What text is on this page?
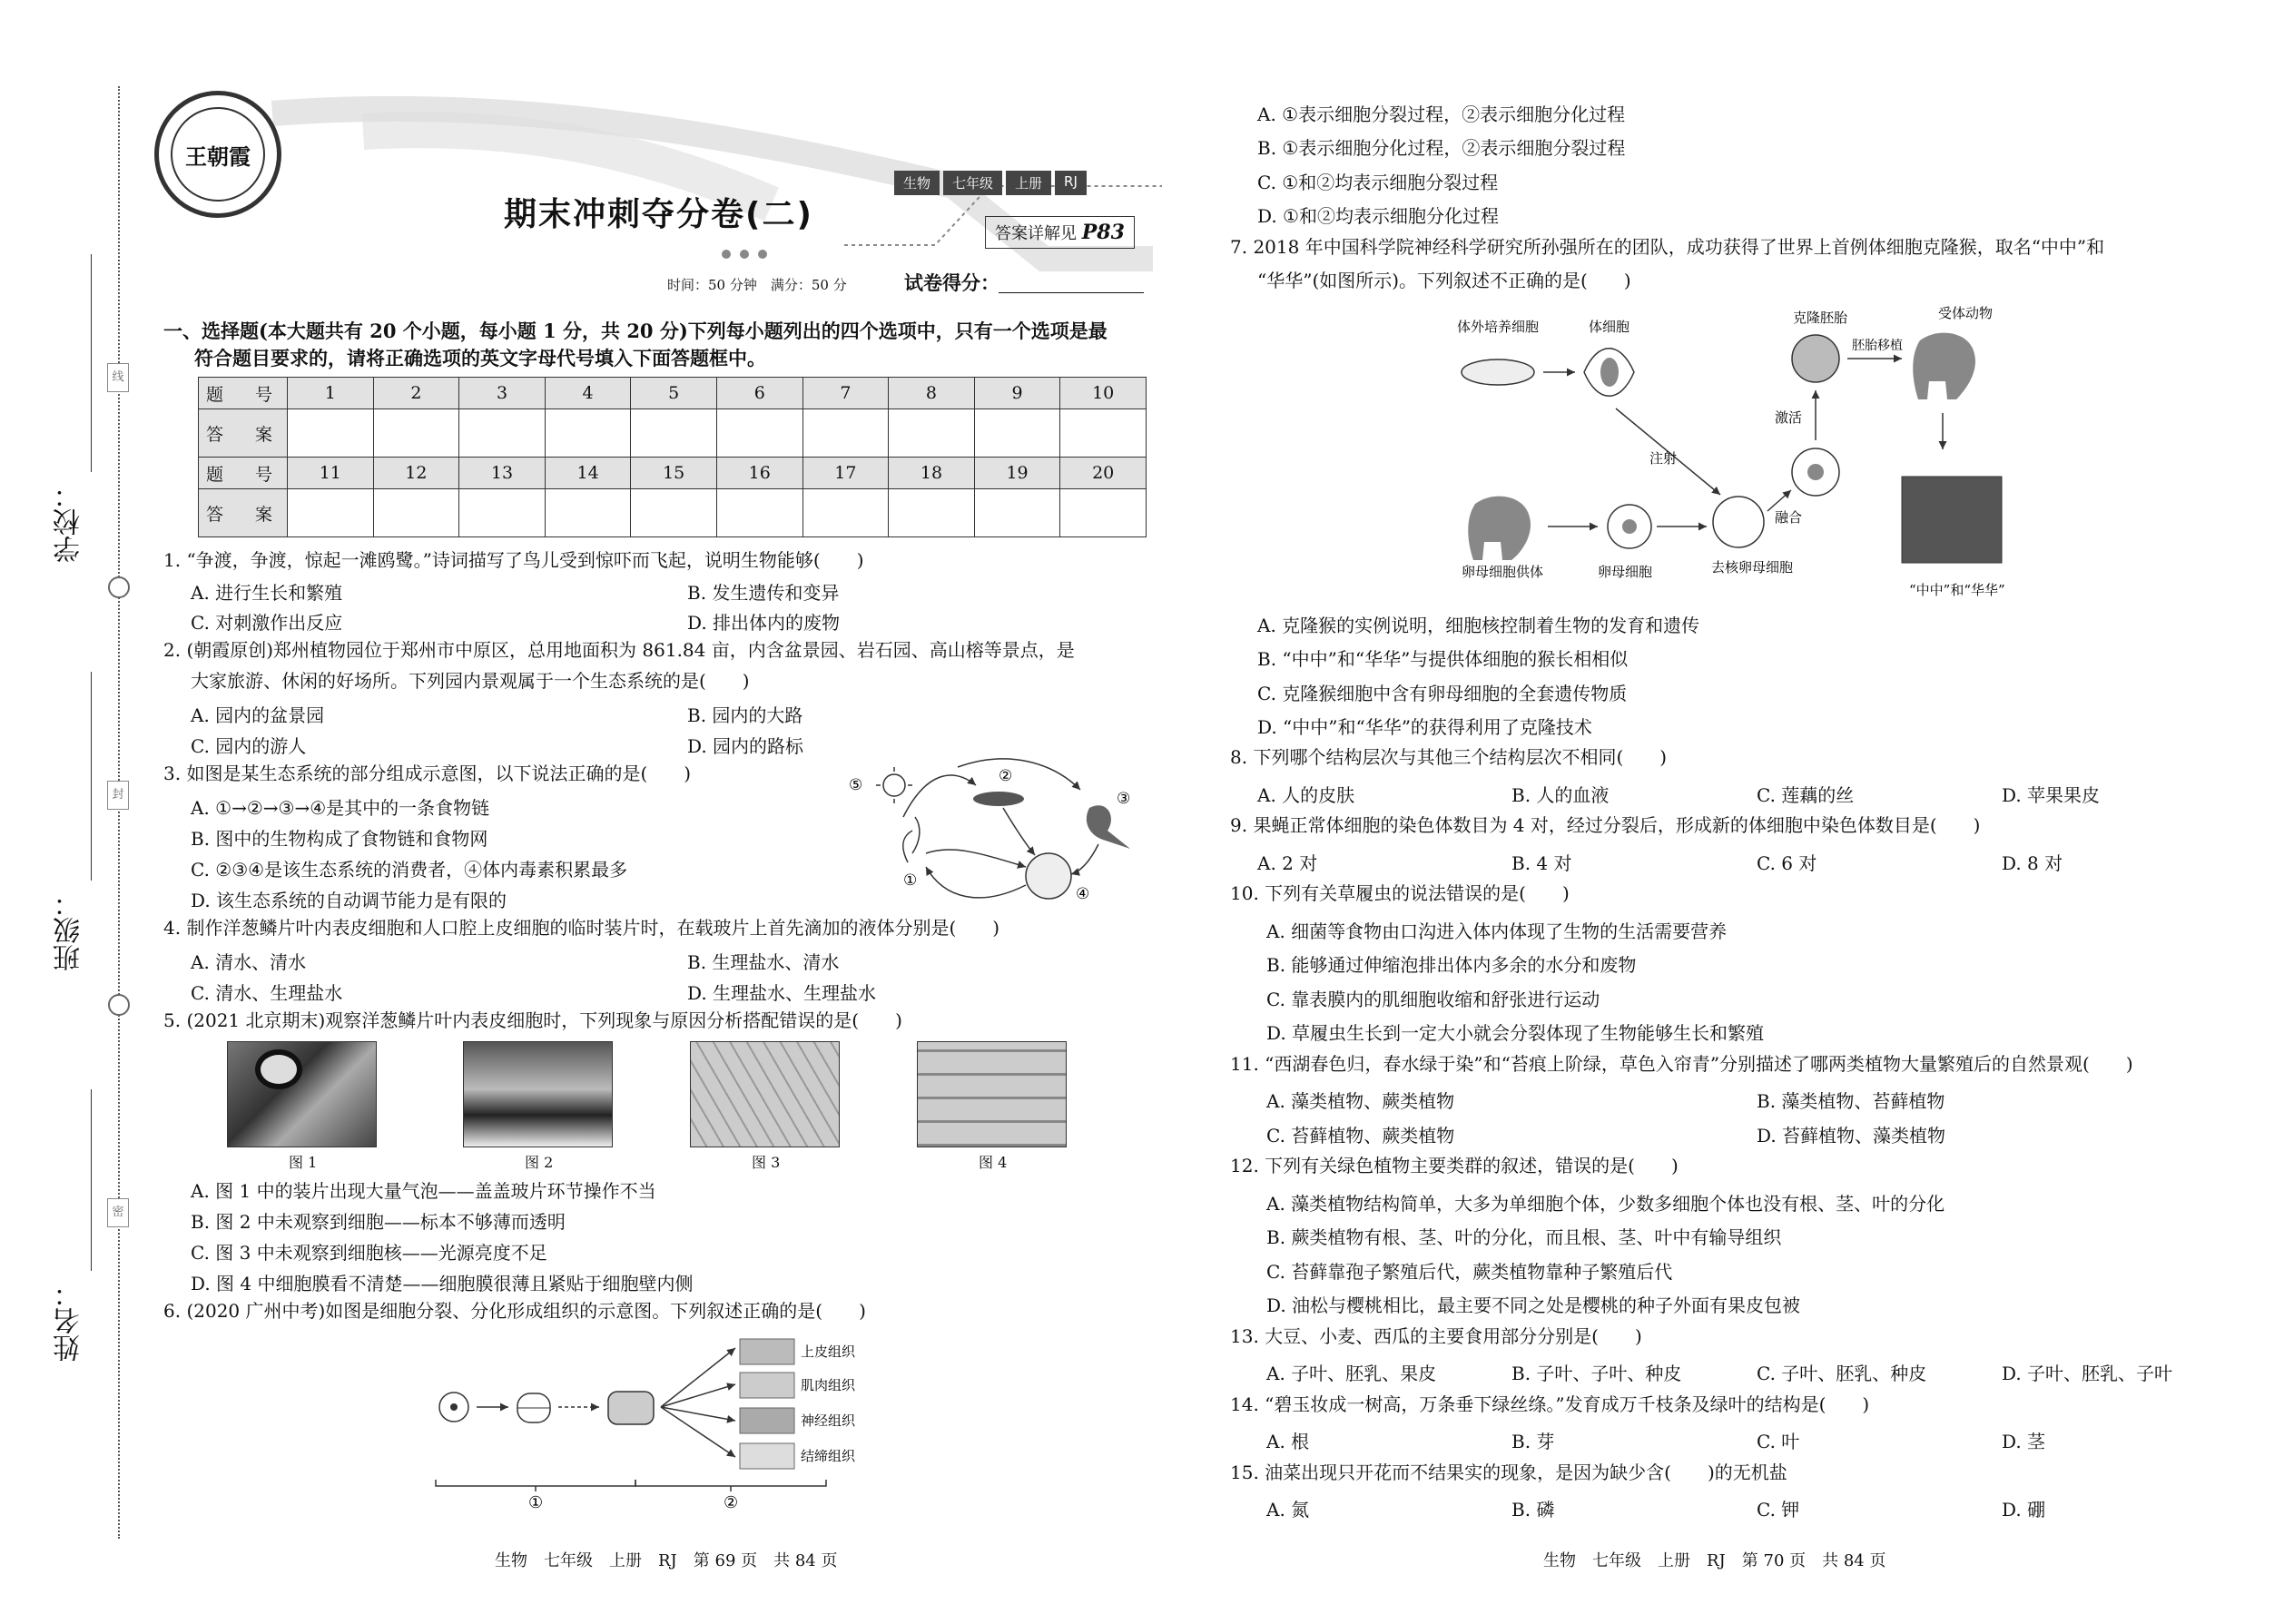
线
封
密
学校：
班级：
姓名：
王朝霞
期末冲刺夺分卷(二)
生物	七年级	上册	RJ
答案详解见 P83
时间：50 分钟　满分：50 分	试卷得分：
一、选择题(本大题共有 20 个小题，每小题 1 分，共 20 分)下列每小题列出的四个选项中，只有一个选项是最
符合题目要求的，请将正确选项的英文字母代号填入下面答题框中。
题　号	1	2	3	4	5	6	7	8	9	10
答　案										
题　号	11	12	13	14	15	16	17	18	19	20
答　案										
1. “争渡，争渡，惊起一滩鸥鹭。”诗词描写了鸟儿受到惊吓而飞起，说明生物能够(　　)
A. 进行生长和繁殖	B. 发生遗传和变异
C. 对刺激作出反应	D. 排出体内的废物
2. (朝霞原创)郑州植物园位于郑州市中原区，总用地面积为 861.84 亩，内含盆景园、岩石园、高山榕等景点，是
大家旅游、休闲的好场所。下列园内景观属于一个生态系统的是(　　)
A. 园内的盆景园	B. 园内的大路
C. 园内的游人	D. 园内的路标
3. 如图是某生态系统的部分组成示意图，以下说法正确的是(　　)
A. ①→②→③→④是其中的一条食物链
B. 图中的生物构成了食物链和食物网
C. ②③④是该生态系统的消费者，④体内毒素积累最多
D. 该生态系统的自动调节能力是有限的
⑤	②
③
①
④
4. 制作洋葱鳞片叶内表皮细胞和人口腔上皮细胞的临时装片时，在载玻片上首先滴加的液体分别是(　　)
A. 清水、清水	B. 生理盐水、清水
C. 清水、生理盐水	D. 生理盐水、生理盐水
5. (2021 北京期末)观察洋葱鳞片叶内表皮细胞时，下列现象与原因分析搭配错误的是(　　)
图 1	图 2	图 3	图 4
A. 图 1 中的装片出现大量气泡——盖盖玻片环节操作不当
B. 图 2 中未观察到细胞——标本不够薄而透明
C. 图 3 中未观察到细胞核——光源亮度不足
D. 图 4 中细胞膜看不清楚——细胞膜很薄且紧贴于细胞壁内侧
6. (2020 广州中考)如图是细胞分裂、分化形成组织的示意图。下列叙述正确的是(　　)
上皮组织
肌肉组织
神经组织
结缔组织
①	②
A. ①表示细胞分裂过程，②表示细胞分化过程
B. ①表示细胞分化过程，②表示细胞分裂过程
C. ①和②均表示细胞分裂过程
D. ①和②均表示细胞分化过程
7. 2018 年中国科学院神经科学研究所孙强所在的团队，成功获得了世界上首例体细胞克隆猴，取名“中中”和
“华华”(如图所示)。下列叙述不正确的是(　　)
体外培养细胞	体细胞
注射
克隆胚胎
胚胎移植
受体动物
“中中”和“华华”
激活
融合
去核卵母细胞
卵母细胞
卵母细胞供体
A. 克隆猴的实例说明，细胞核控制着生物的发育和遗传
B. “中中”和“华华”与提供体细胞的猴长相相似
C. 克隆猴细胞中含有卵母细胞的全套遗传物质
D. “中中”和“华华”的获得利用了克隆技术
8. 下列哪个结构层次与其他三个结构层次不相同(　　)
A. 人的皮肤	B. 人的血液	C. 莲藕的丝	D. 苹果果皮
9. 果蝇正常体细胞的染色体数目为 4 对，经过分裂后，形成新的体细胞中染色体数目是(　　)
A. 2 对	B. 4 对	C. 6 对	D. 8 对
10. 下列有关草履虫的说法错误的是(　　)
A. 细菌等食物由口沟进入体内体现了生物的生活需要营养
B. 能够通过伸缩泡排出体内多余的水分和废物
C. 靠表膜内的肌细胞收缩和舒张进行运动
D. 草履虫生长到一定大小就会分裂体现了生物能够生长和繁殖
11. “西湖春色归，春水绿于染”和“苔痕上阶绿，草色入帘青”分别描述了哪两类植物大量繁殖后的自然景观(　　)
A. 藻类植物、蕨类植物	B. 藻类植物、苔藓植物
C. 苔藓植物、蕨类植物	D. 苔藓植物、藻类植物
12. 下列有关绿色植物主要类群的叙述，错误的是(　　)
A. 藻类植物结构简单，大多为单细胞个体，少数多细胞个体也没有根、茎、叶的分化
B. 蕨类植物有根、茎、叶的分化，而且根、茎、叶中有输导组织
C. 苔藓靠孢子繁殖后代，蕨类植物靠种子繁殖后代
D. 油松与樱桃相比，最主要不同之处是樱桃的种子外面有果皮包被
13. 大豆、小麦、西瓜的主要食用部分分别是(　　)
A. 子叶、胚乳、果皮	B. 子叶、子叶、种皮	C. 子叶、胚乳、种皮	D. 子叶、胚乳、子叶
14. “碧玉妆成一树高，万条垂下绿丝绦。”发育成万千枝条及绿叶的结构是(　　)
A. 根	B. 芽	C. 叶	D. 茎
15. 油菜出现只开花而不结果实的现象，是因为缺少含(　　)的无机盐
A. 氮	B. 磷	C. 钾	D. 硼
生物　七年级　上册　RJ　第 69 页　共 84 页	生物　七年级　上册　RJ　第 70 页　共 84 页
